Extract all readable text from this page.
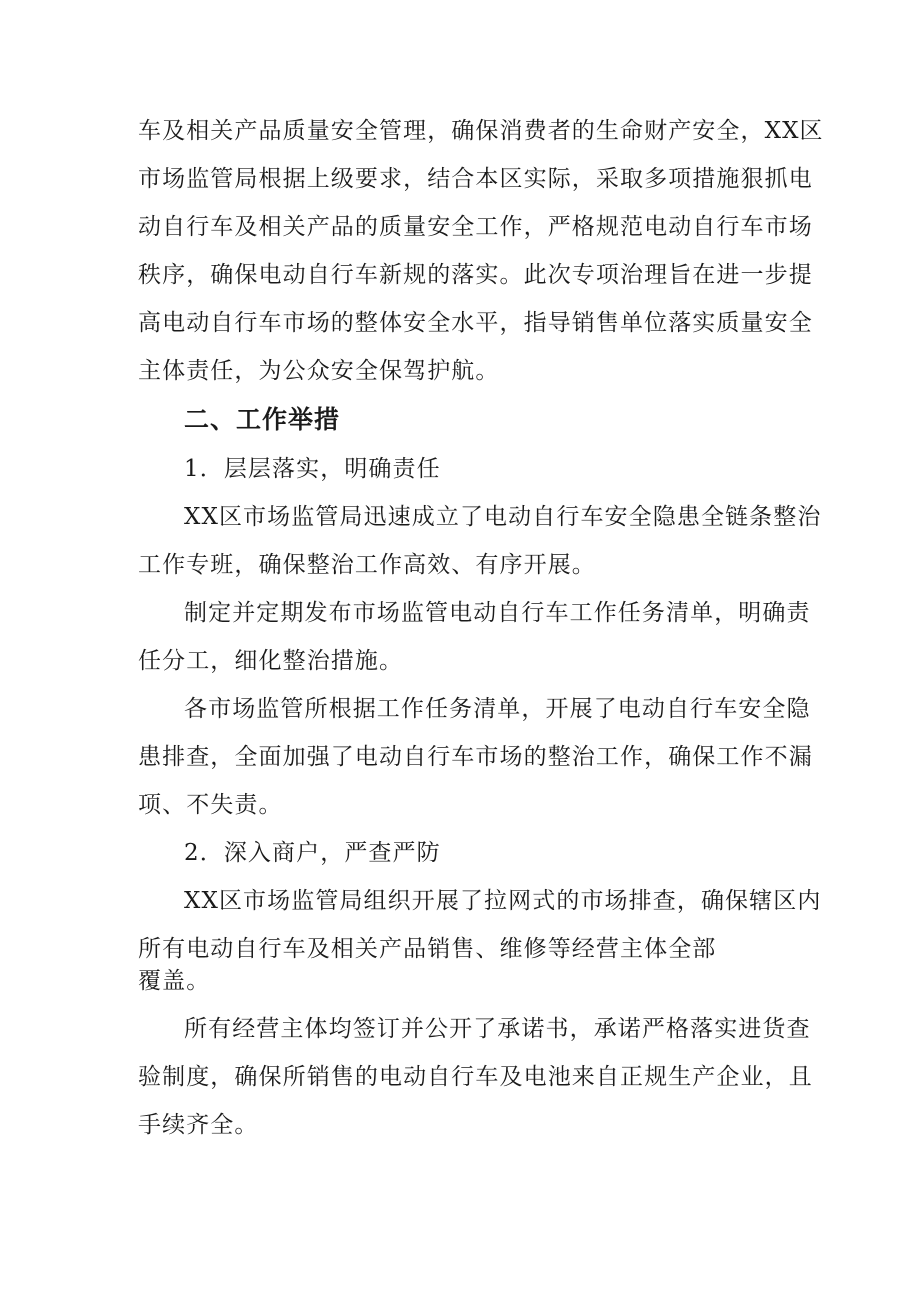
车及相关产品质量安全管理，确保消费者的生命财产安全，XX区
市场监管局根据上级要求，结合本区实际，采取多项措施狠抓电
动自行车及相关产品的质量安全工作，严格规范电动自行车市场
秩序，确保电动自行车新规的落实。此次专项治理旨在进一步提
高电动自行车市场的整体安全水平，指导销售单位落实质量安全
主体责任，为公众安全保驾护航。
二、工作举措
1．层层落实，明确责任
XX区市场监管局迅速成立了电动自行车安全隐患全链条整治
工作专班，确保整治工作高效、有序开展。
制定并定期发布市场监管电动自行车工作任务清单，明确责
任分工，细化整治措施。
各市场监管所根据工作任务清单，开展了电动自行车安全隐
患排查，全面加强了电动自行车市场的整治工作，确保工作不漏
项、不失责。
2．深入商户，严查严防
XX区市场监管局组织开展了拉网式的市场排查，确保辖区内
所有电动自行车及相关产品销售、维修等经营主体全部
覆盖。
所有经营主体均签订并公开了承诺书，承诺严格落实进货查
验制度，确保所销售的电动自行车及电池来自正规生产企业，且
手续齐全。
